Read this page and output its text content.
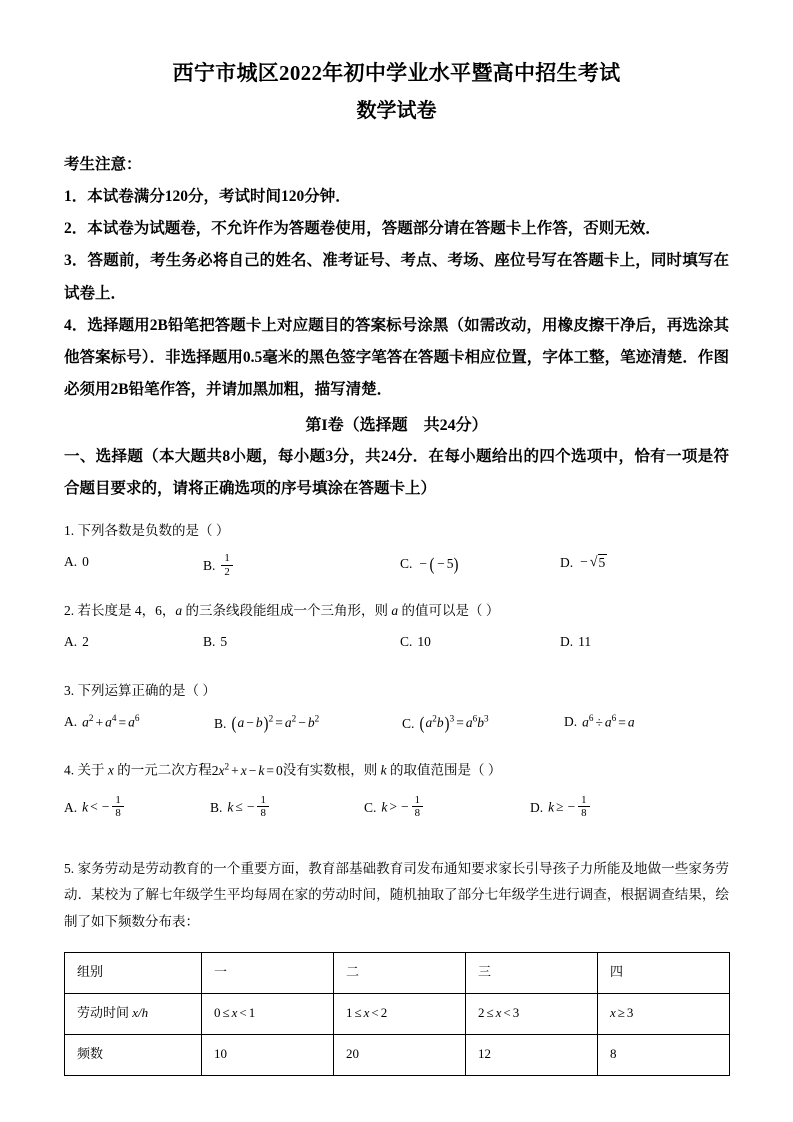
西宁市城区2022年初中学业水平暨高中招生考试
数学试卷
考生注意：

1．本试卷满分120分，考试时间120分钟．

2．本试卷为试题卷，不允许作为答题卷使用，答题部分请在答题卡上作答，否则无效．

3．答题前，考生务必将自己的姓名、准考证号、考点、考场、座位号写在答题卡上，同时填写在试卷上．

4．选择题用2B铅笔把答题卡上对应题目的答案标号涂黑（如需改动，用橡皮擦干净后，再选涂其他答案标号）．非选择题用0.5毫米的黑色签字笔答在答题卡相应位置，字体工整，笔迹清楚．作图必须用2B铅笔作答，并请加黑加粗，描写清楚．

第I卷（选择题　共24分）

一、选择题（本大题共8小题，每小题3分，共24分．在每小题给出的四个选项中，恰有一项是符合题目要求的，请将正确选项的序号填涂在答题卡上）

1. 下列各数是负数的是（ ）

A. 0	B. $\frac{1}{2}$	C. − ( − 5)	D. − √ 5

2. 若长度是 4，6，a 的三条线段能组成一个三角形，则 a 的值可以是（ ）

A. 2	B. 5	C. 10	D. 11

3. 下列运算正确的是（ ）

A. $a^2 + a^4 = a^6$	B. $(a - b)^2 = a^2 - b^2$	C. $(a^2b)^3 = a^6b^3$	D. $a^6 \div a^6 = a$

4. 关于 x 的一元二次方程$2x^2 + x - k = 0$没有实数根，则 k 的取值范围是（ ）

A. k < − $\frac{1}{8}$	B. k ≤ − $\frac{1}{8}$	C. k > − $\frac{1}{8}$	D. k ≥ − $\frac{1}{8}$

5. 家务劳动是劳动教育的一个重要方面，教育部基础教育司发布通知要求家长引导孩子力所能及地做一些家务劳动．某校为了解七年级学生平均每周在家的劳动时间，随机抽取了部分七年级学生进行调查，根据调查结果，绘制了如下频数分布表：

组别	一	二	三	四
劳动时间 x/h	0 ≤ x < 1	1 ≤ x < 2	2 ≤ x < 3	x ≥ 3
频数	10	20	12	8
